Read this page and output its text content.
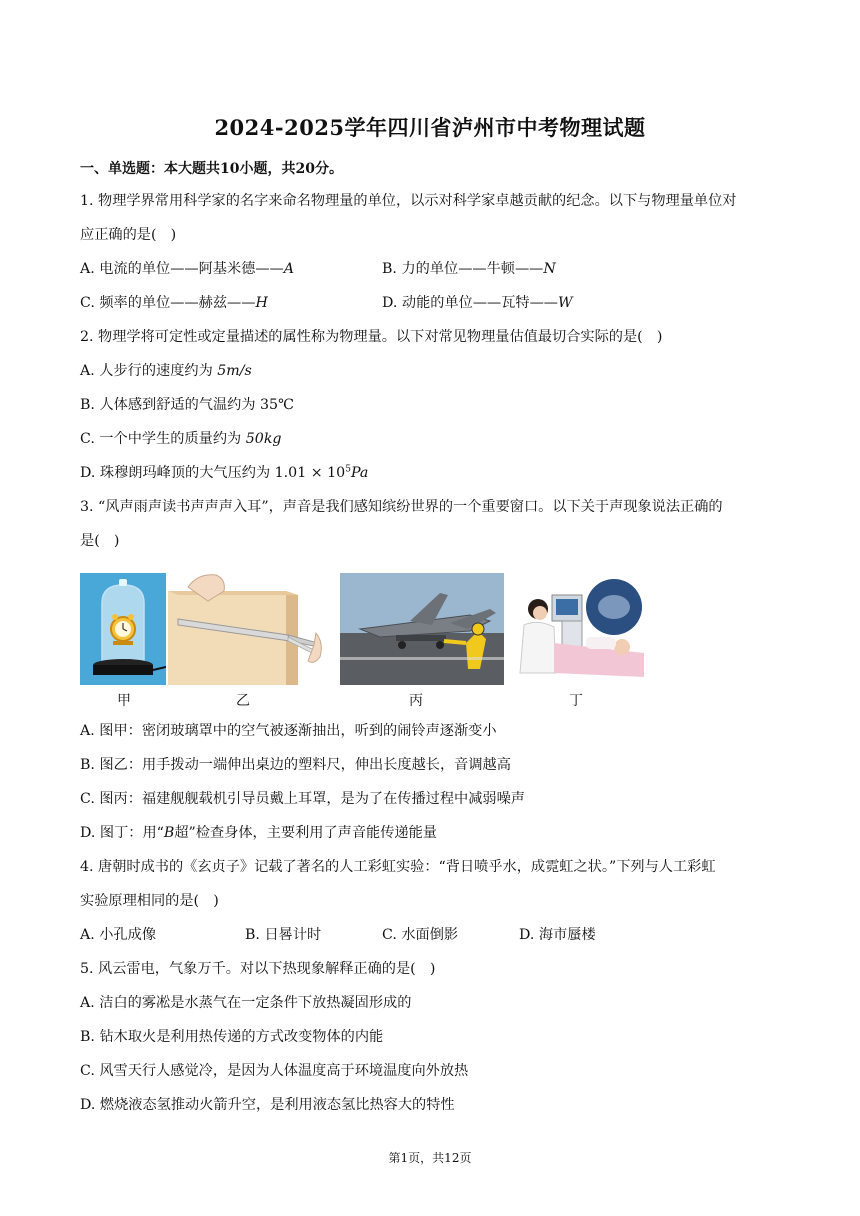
2024-2025学年四川省泸州市中考物理试题
一、单选题：本大题共10小题，共20分。
1. 物理学界常用科学家的名字来命名物理量的单位，以示对科学家卓越贡献的纪念。以下与物理量单位对
应正确的是(　)
A. 电流的单位——阿基米德——A	B. 力的单位——牛顿——N
C. 频率的单位——赫兹——H	D. 动能的单位——瓦特——W
2. 物理学将可定性或定量描述的属性称为物理量。以下对常见物理量估值最切合实际的是(　)
A. 人步行的速度约为 5m/s
B. 人体感到舒适的气温约为 35℃
C. 一个中学生的质量约为 50kg
D. 珠穆朗玛峰顶的大气压约为 $1.01 \times 10^5Pa$
3. “风声雨声读书声声声入耳”，声音是我们感知缤纷世界的一个重要窗口。以下关于声现象说法正确的
是(　)
甲	乙	丙	丁
A. 图甲：密闭玻璃罩中的空气被逐渐抽出，听到的闹铃声逐渐变小
B. 图乙：用手拨动一端伸出桌边的塑料尺，伸出长度越长，音调越高
C. 图丙：福建舰舰载机引导员戴上耳罩，是为了在传播过程中减弱噪声
D. 图丁：用“B超”检查身体，主要利用了声音能传递能量
4. 唐朝时成书的《玄贞子》记载了著名的人工彩虹实验：“背日喷乎水，成霓虹之状。”下列与人工彩虹
实验原理相同的是(　)
A. 小孔成像	B. 日晷计时	C. 水面倒影	D. 海市蜃楼
5. 风云雷电，气象万千。对以下热现象解释正确的是(　)
A. 洁白的雾凇是水蒸气在一定条件下放热凝固形成的
B. 钻木取火是利用热传递的方式改变物体的内能
C. 风雪天行人感觉冷，是因为人体温度高于环境温度向外放热
D. 燃烧液态氢推动火箭升空，是利用液态氢比热容大的特性
第1页，共12页
